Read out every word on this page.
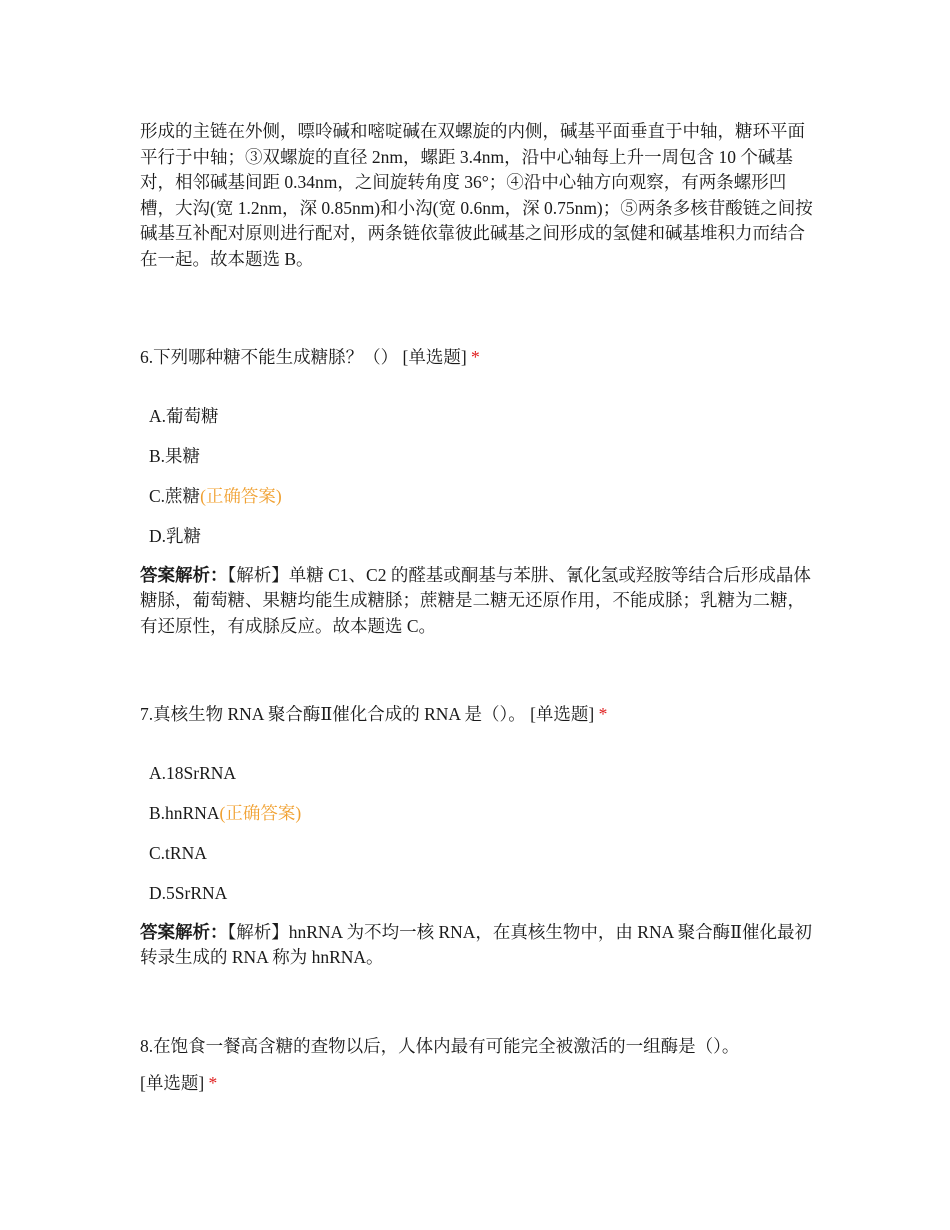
形成的主链在外侧，嘌呤碱和嘧啶碱在双螺旋的内侧，碱基平面垂直于中轴，糖环平面平行于中轴；③双螺旋的直径 2nm，螺距 3.4nm，沿中心轴每上升一周包含 10 个碱基对，相邻碱基间距 0.34nm，之间旋转角度 36°；④沿中心轴方向观察，有两条螺形凹槽，大沟(宽 1.2nm，深 0.85nm)和小沟(宽 0.6nm，深 0.75nm)；⑤两条多核苷酸链之间按碱基互补配对原则进行配对，两条链依靠彼此碱基之间形成的氢健和碱基堆积力而结合在一起。故本题选 B。

6.下列哪种糖不能生成糖脎？（） [单选题] *

A.葡萄糖
B.果糖
C.蔗糖 (正确答案)
D.乳糖

答案解析：【解析】单糖 C1、C2 的醛基或酮基与苯肼、氰化氢或羟胺等结合后形成晶体糖脎，葡萄糖、果糖均能生成糖脎；蔗糖是二糖无还原作用，不能成脎；乳糖为二糖，有还原性，有成脎反应。故本题选 C。

7.真核生物 RNA 聚合酶Ⅱ催化合成的 RNA 是（）。 [单选题] *

A.18SrRNA
B.hnRNA (正确答案)
C.tRNA
D.5SrRNA

答案解析：【解析】hnRNA 为不均一核 RNA，在真核生物中，由 RNA 聚合酶Ⅱ催化最初转录生成的 RNA 称为 hnRNA。

8.在饱食一餐高含糖的查物以后，人体内最有可能完全被激活的一组酶是（）。

[单选题] *
